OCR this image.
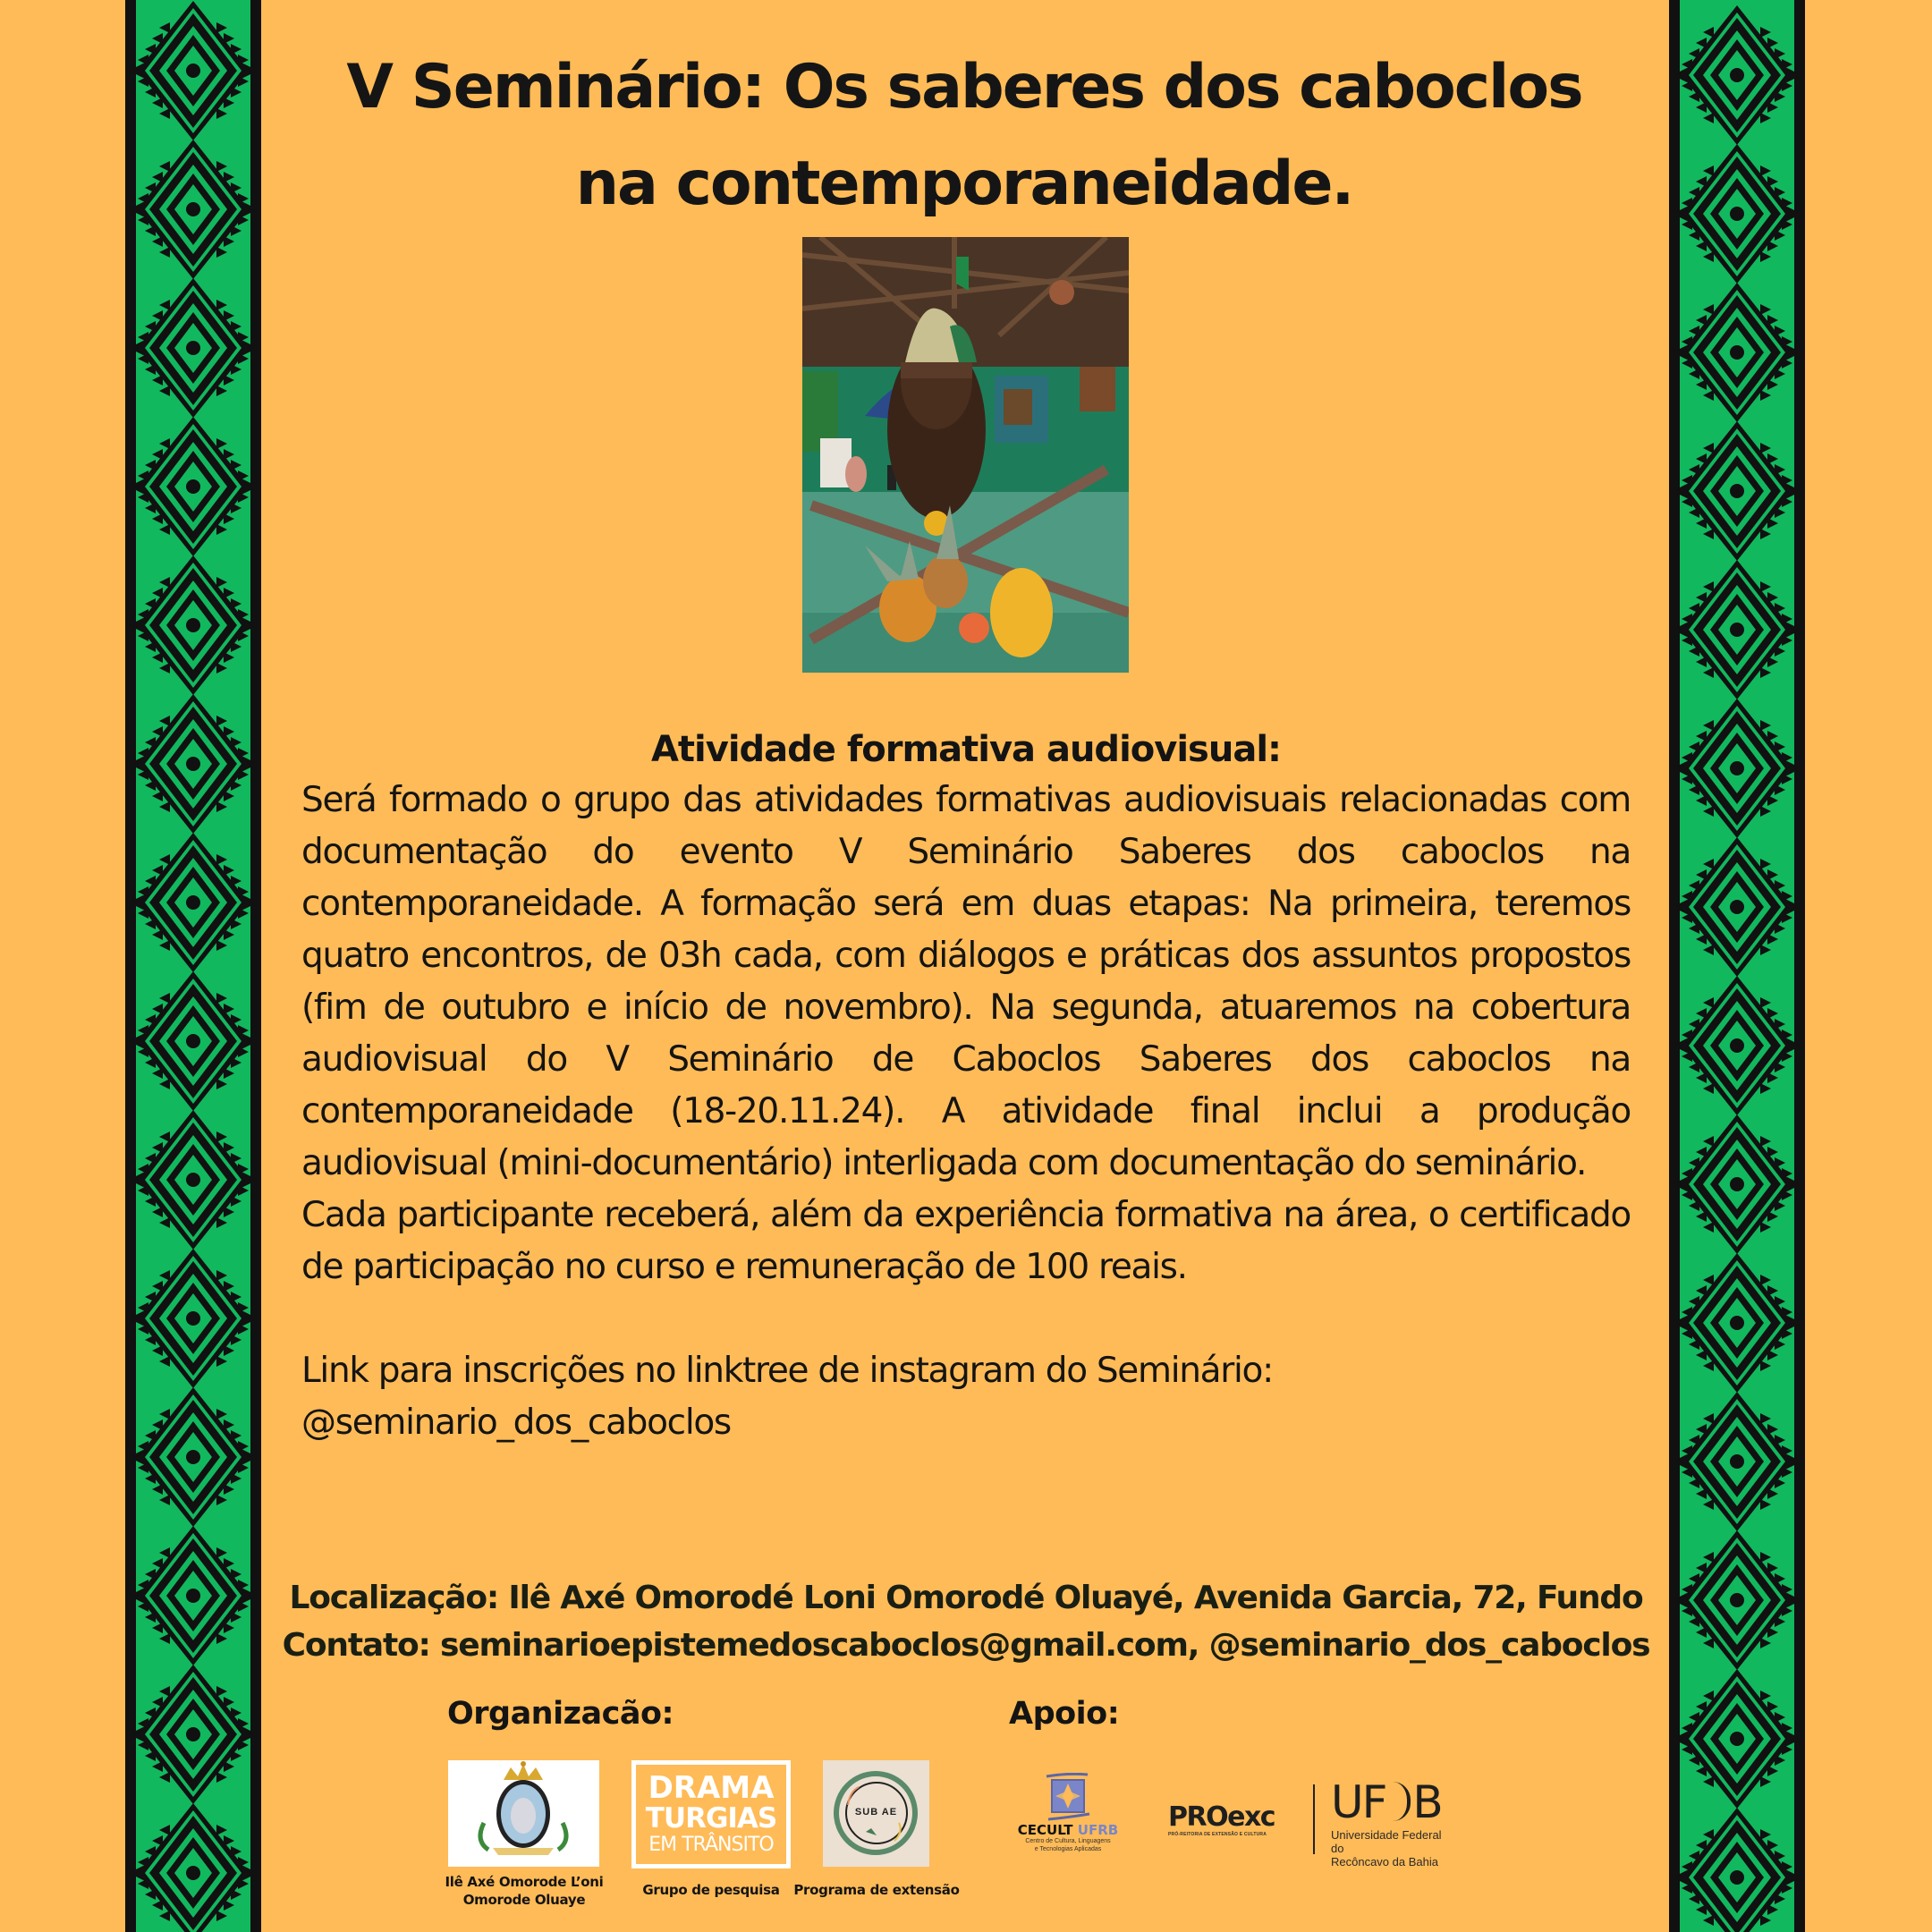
V Seminário: Os saberes dos caboclos
na contemporaneidade.
Atividade formativa audiovisual:

Será formado o grupo das atividades formativas audiovisuais relacionadas com documentação do evento V Seminário Saberes dos caboclos na contemporaneidade. A formação será em duas etapas: Na primeira, teremos quatro encontros, de 03h cada, com diálogos e práticas dos assuntos propostos (fim de outubro e início de novembro). Na segunda, atuaremos na cobertura audiovisual do V Seminário de Caboclos Saberes dos caboclos na contemporaneidade (18-20.11.24). A atividade final inclui a produção audiovisual (mini-documentário) interligada com documentação do seminário.

Cada participante receberá, além da experiência formativa na área, o certificado de participação no curso e remuneração de 100 reais.

Link para inscrições no linktree de instagram do Seminário:

@seminario_dos_caboclos

Localização: Ilê Axé Omorodé Loni Omorodé Oluayé, Avenida Garcia, 72, Fundo
Contato: seminarioepistemedoscaboclos@gmail.com, @seminario_dos_caboclos
Organizacão:
Ilê Axé Omorode L’oni
Omorode Oluaye
DRAMA
TURGIAS
EM TRÂNSITO
Grupo de pesquisa
SUB AE
Programa de extensão
Apoio:
CECULT UFRB
Centro de Cultura, Linguagens
e Tecnologias Aplicadas
PROexc
PRÓ-REITORIA DE EXTENSÃO E CULTURA
UF B
Universidade Federal do
Recôncavo da Bahia
